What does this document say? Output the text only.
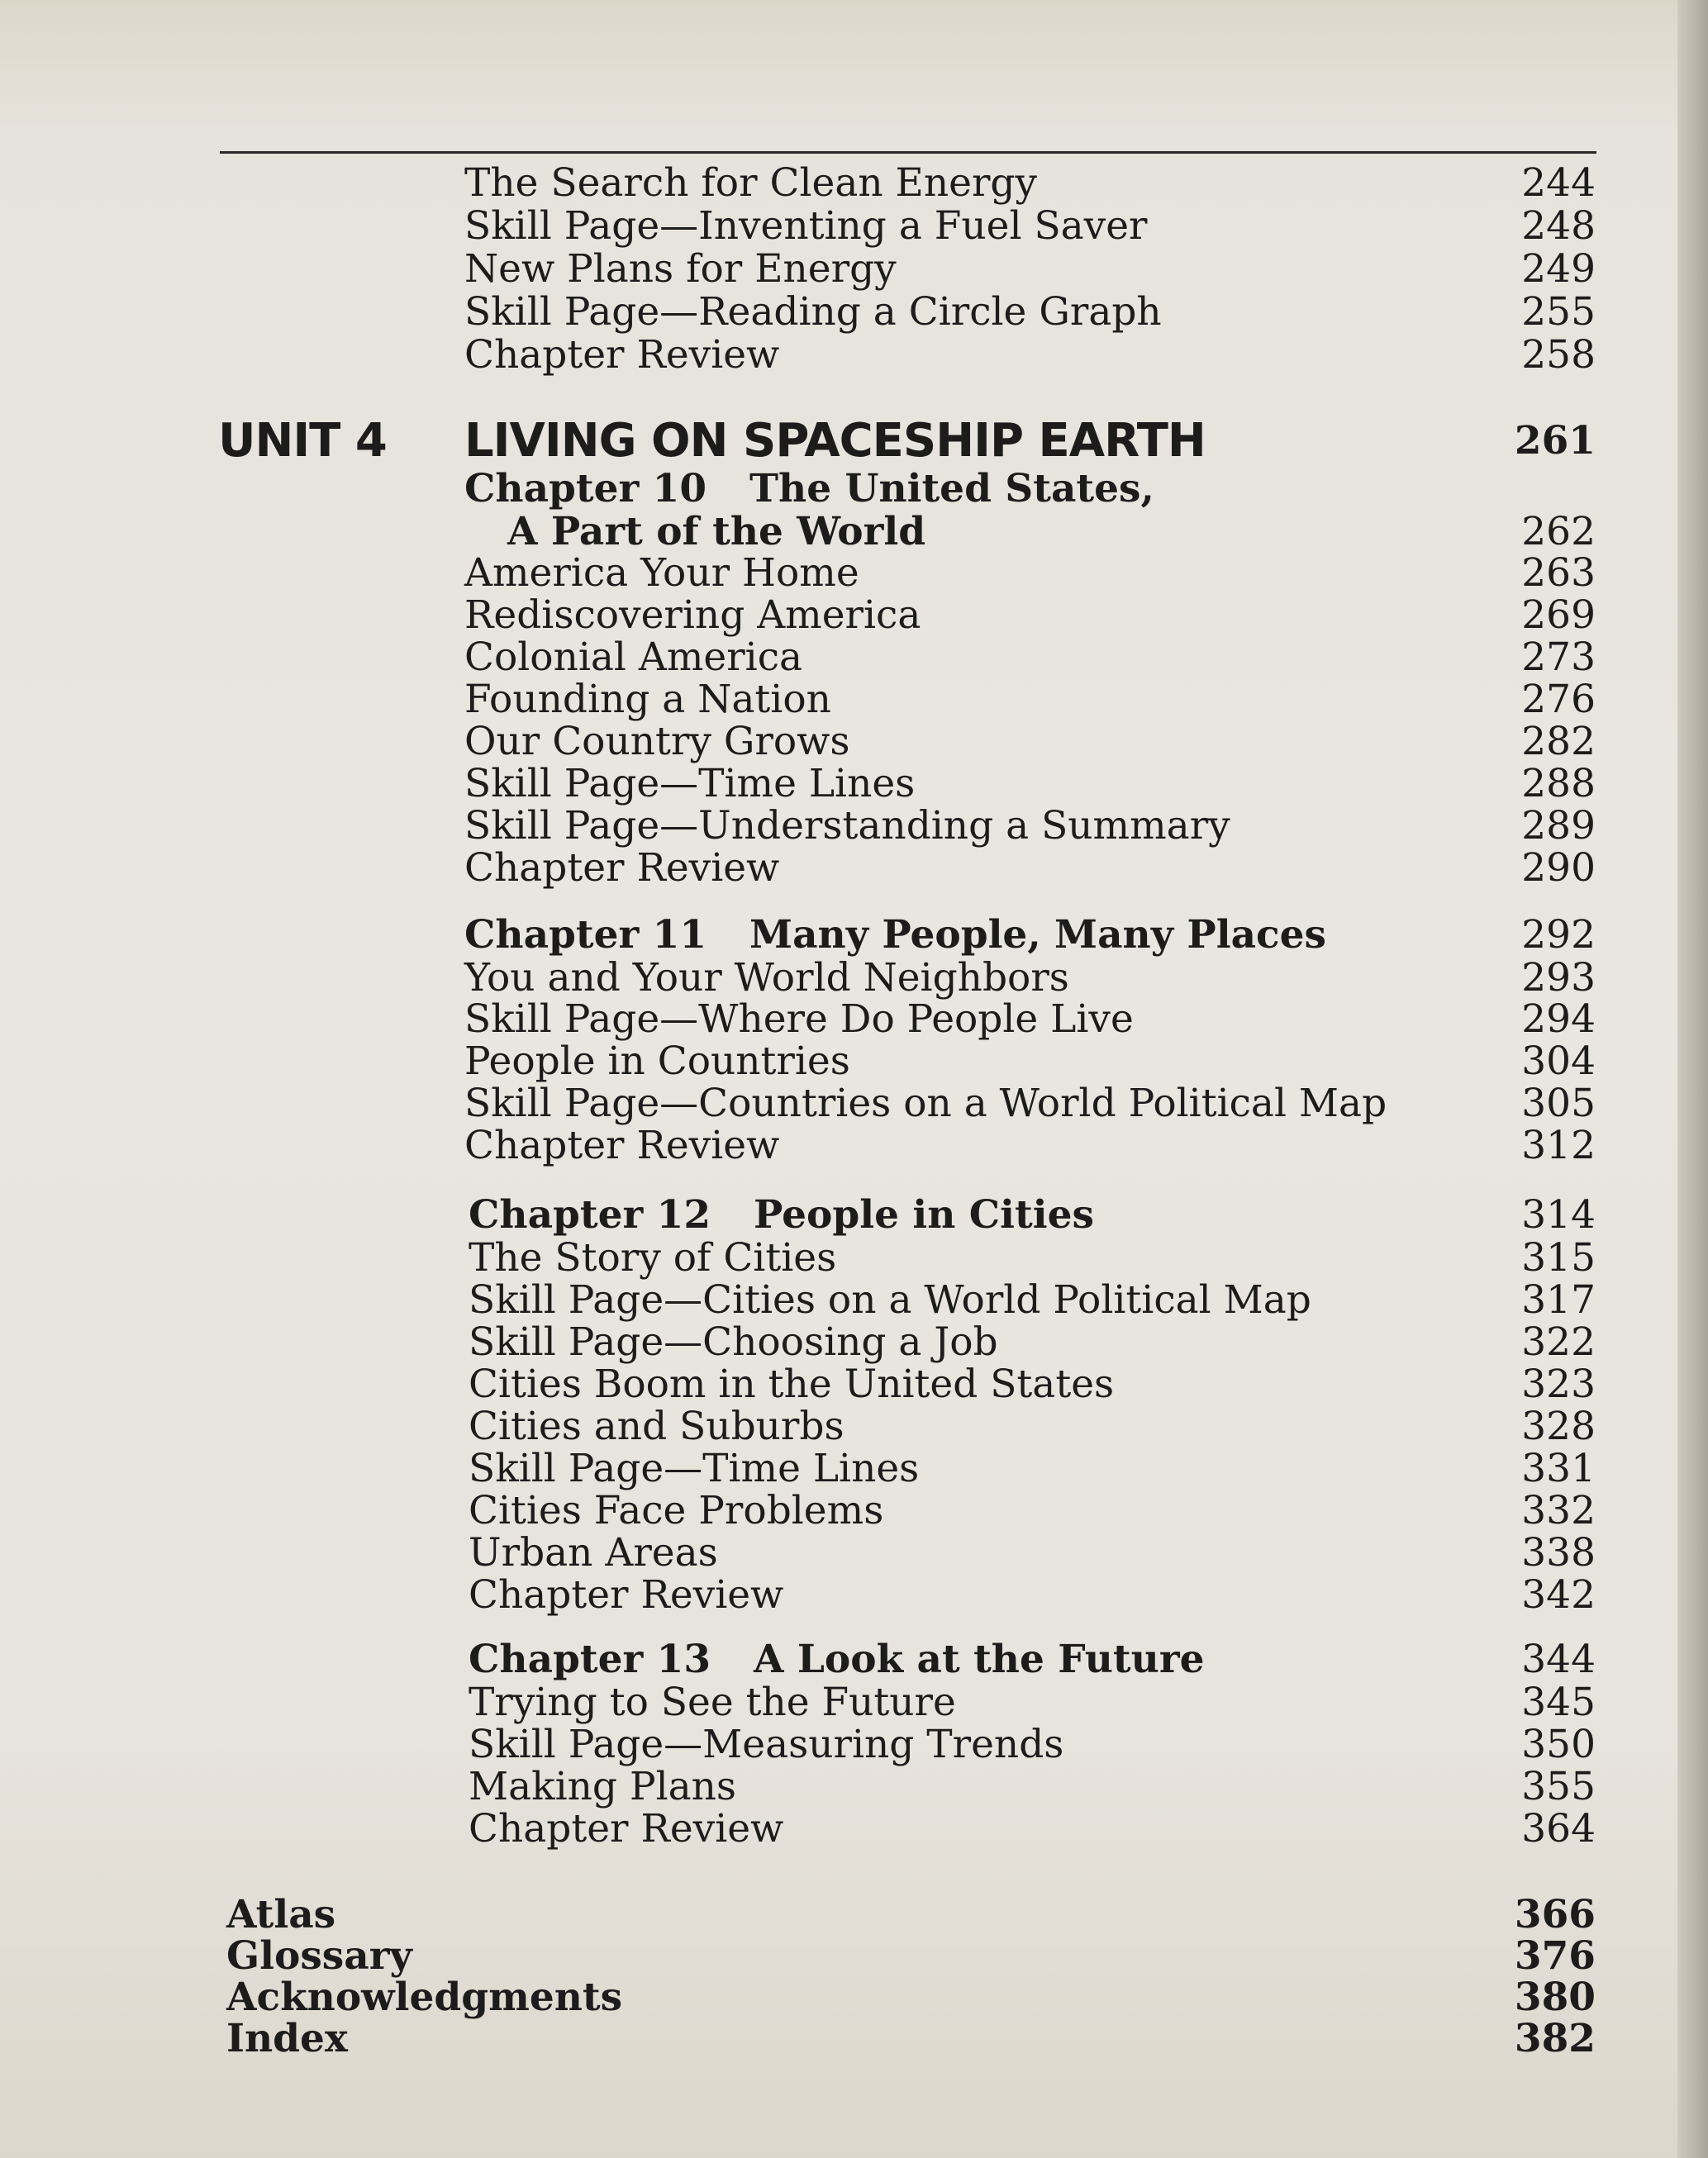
The Search for Clean Energy	244
Skill Page—Inventing a Fuel Saver	248
New Plans for Energy	249
Skill Page—Reading a Circle Graph	255
Chapter Review	258
UNIT 4 LIVING ON SPACESHIP EARTH	261
Chapter 10 The United States,
A Part of the World	262
America Your Home	263
Rediscovering America	269
Colonial America	273
Founding a Nation	276
Our Country Grows	282
Skill Page—Time Lines	288
Skill Page—Understanding a Summary	289
Chapter Review	290
Chapter 11 Many People, Many Places	292
You and Your World Neighbors	293
Skill Page—Where Do People Live	294
People in Countries	304
Skill Page—Countries on a World Political Map	305
Chapter Review	312
Chapter 12 People in Cities	314
The Story of Cities	315
Skill Page—Cities on a World Political Map	317
Skill Page—Choosing a Job	322
Cities Boom in the United States	323
Cities and Suburbs	328
Skill Page—Time Lines	331
Cities Face Problems	332
Urban Areas	338
Chapter Review	342
Chapter 13 A Look at the Future	344
Trying to See the Future	345
Skill Page—Measuring Trends	350
Making Plans	355
Chapter Review	364
Atlas	366
Glossary	376
Acknowledgments	380
Index	382
